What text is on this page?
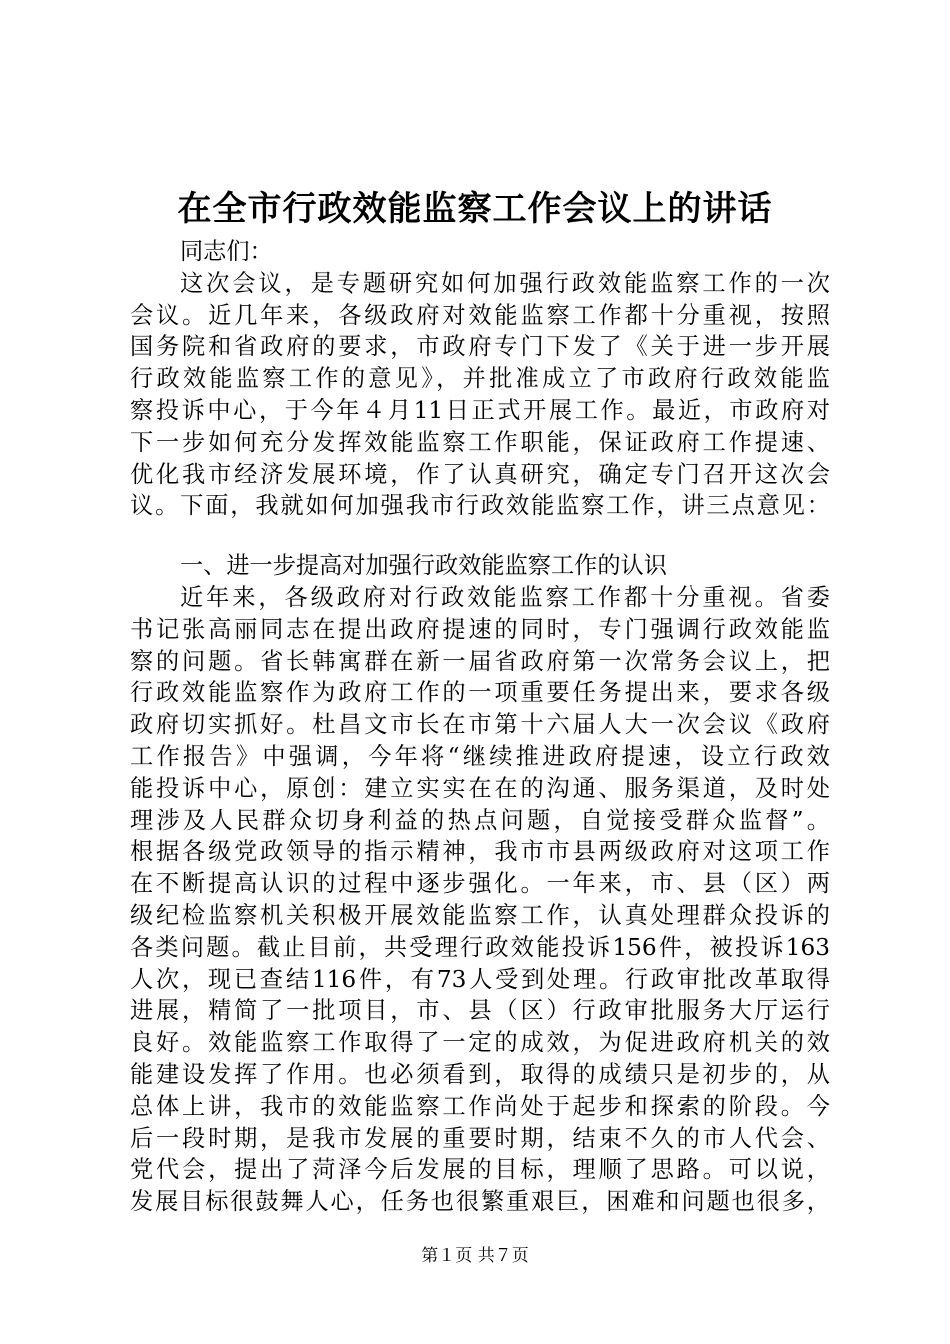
在全市行政效能监察工作会议上的讲话
同志们：
这次会议，是专题研究如何加强行政效能监察工作的一次
会议。近几年来，各级政府对效能监察工作都十分重视，按照
国务院和省政府的要求，市政府专门下发了《关于进一步开展
行政效能监察工作的意见》，并批准成立了市政府行政效能监
察投诉中心，于今年４月11日正式开展工作。最近，市政府对
下一步如何充分发挥效能监察工作职能，保证政府工作提速、
优化我市经济发展环境，作了认真研究，确定专门召开这次会
议。下面，我就如何加强我市行政效能监察工作，讲三点意见：
一、进一步提高对加强行政效能监察工作的认识
近年来，各级政府对行政效能监察工作都十分重视。省委
书记张高丽同志在提出政府提速的同时，专门强调行政效能监
察的问题。省长韩寓群在新一届省政府第一次常务会议上，把
行政效能监察作为政府工作的一项重要任务提出来，要求各级
政府切实抓好。杜昌文市长在市第十六届人大一次会议《政府
工作报告》中强调，今年将“继续推进政府提速，设立行政效
能投诉中心，原创：建立实实在在的沟通、服务渠道，及时处
理涉及人民群众切身利益的热点问题，自觉接受群众监督”。
根据各级党政领导的指示精神，我市市县两级政府对这项工作
在不断提高认识的过程中逐步强化。一年来，市、县（区）两
级纪检监察机关积极开展效能监察工作，认真处理群众投诉的
各类问题。截止目前，共受理行政效能投诉156件，被投诉163
人次，现已查结116件，有73人受到处理。行政审批改革取得
进展，精简了一批项目，市、县（区）行政审批服务大厅运行
良好。效能监察工作取得了一定的成效，为促进政府机关的效
能建设发挥了作用。也必须看到，取得的成绩只是初步的，从
总体上讲，我市的效能监察工作尚处于起步和探索的阶段。今
后一段时期，是我市发展的重要时期，结束不久的市人代会、
党代会，提出了菏泽今后发展的目标，理顺了思路。可以说，
发展目标很鼓舞人心，任务也很繁重艰巨，困难和问题也很多，
第１页 共７页
